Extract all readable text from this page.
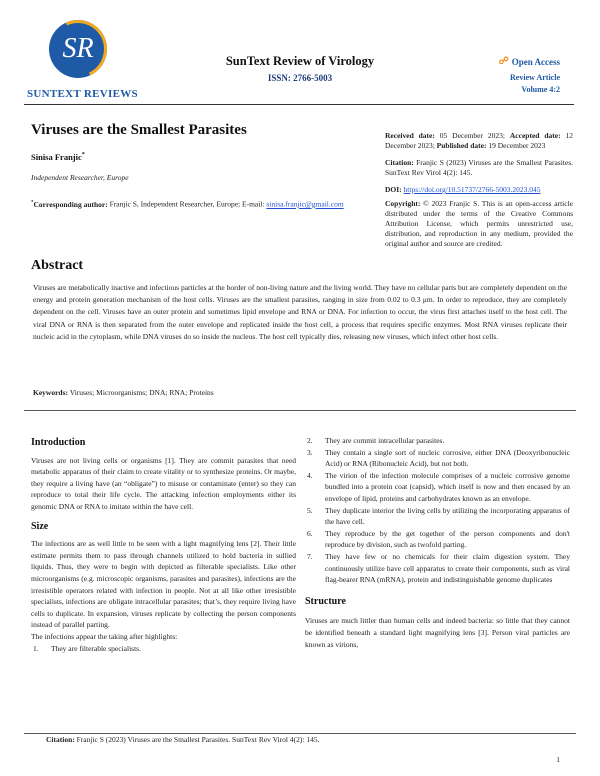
SR
SUNTEXT REVIEWS
SunText Review of Virology
ISSN: 2766-5003
☍ Open Access
Review Article
Volume 4:2
Viruses are the Smallest Parasites
Sinisa Franjic*
Independent Researcher, Europe
*Corresponding author: Franjic S, Independent Researcher, Europe; E-mail: sinisa.franjic@gmail.com

Received date: 05 December 2023; Accepted date: 12 December 2023; Published date: 19 December 2023

Citation: Franjic S (2023) Viruses are the Smallest Parasites. SunText Rev Virol 4(2): 145.

DOI: https://doi.org/10.51737/2766-5003.2023.045

Copyright: © 2023 Franjic S. This is an open-access article distributed under the terms of the Creative Commons Attribution License, which permits unrestricted use, distribution, and reproduction in any medium, provided the original author and source are credited.

Abstract
Viruses are metabolically inactive and infectious particles at the border of non-living nature and the living world. They have no cellular parts but are completely dependent on the energy and protein generation mechanism of the host cells. Viruses are the smallest parasites, ranging in size from 0.02 to 0.3 μm. In order to reproduce, they are completely dependent on the cell. Viruses have an outer protein and sometimes lipid envelope and RNA or DNA. For infection to occur, the virus first attaches itself to the host cell. The viral DNA or RNA is then separated from the outer envelope and replicated inside the host cell, a process that requires specific enzymes. Most RNA viruses replicate their nucleic acid in the cytoplasm, while DNA viruses do so inside the nucleus. The host cell typically dies, releasing new viruses, which infect other host cells.
Keywords: Viruses; Microorganisms; DNA; RNA; Proteins
Introduction

Viruses are not living cells or organisms [1]. They are commit parasites that need metabolic apparatus of their claim to create vitality or to synthesize proteins. Or maybe, they require a living have (an “obligate”) to misuse or contaminate (enter) so they can reproduce to total their life cycle. The attacking infection employments either its genomic DNA or RNA to imitate within the have cell.

Size

The infections are as well little to be seen with a light magnifying lens [2]. Their little estimate permits them to pass through channels utilized to hold bacteria in sullied liquids. Thus, they were to begin with depicted as filterable specialists. Like other microorganisms (e.g. microscopic organisms, parasites and parasites), infections are the irresistible operators related with infection in people. Not at all like other irresistible specialists, infections are obligate intracellular parasites; that’s, they require living have cells to duplicate. In expansion, viruses replicate by collecting the person components instead of parallel parting.

The infections appear the taking after highlights:

1. They are filterable specialists.
2. They are commit intracellular parasites.
3. They contain a single sort of nucleic corrosive, either DNA (Deoxyribonucleic Acid) or RNA (Ribonucleic Acid), but not both.
4. The virion of the infection molecule comprises of a nucleic corrosive genome bundled into a protein coat (capsid), which itself is now and then encased by an envelope of lipid, proteins and carbohydrates known as an envelope.
5. They duplicate interior the living cells by utilizing the incorporating apparatus of the have cell.
6. They reproduce by the get together of the person components and don't reproduce by division, such as twofold parting.
7. They have few or no chemicals for their claim digestion system. They continuously utilize have cell apparatus to create their components, such as viral flag-bearer RNA (mRNA), protein and indistinguishable genome duplicates
Structure

Viruses are much littler than human cells and indeed bacteria: so little that they cannot be identified beneath a standard light magnifying lens [3]. Person viral particles are known as virions,

Citation: Franjic S (2023) Viruses are the Smallest Parasites. SunText Rev Virol 4(2): 145.
1
